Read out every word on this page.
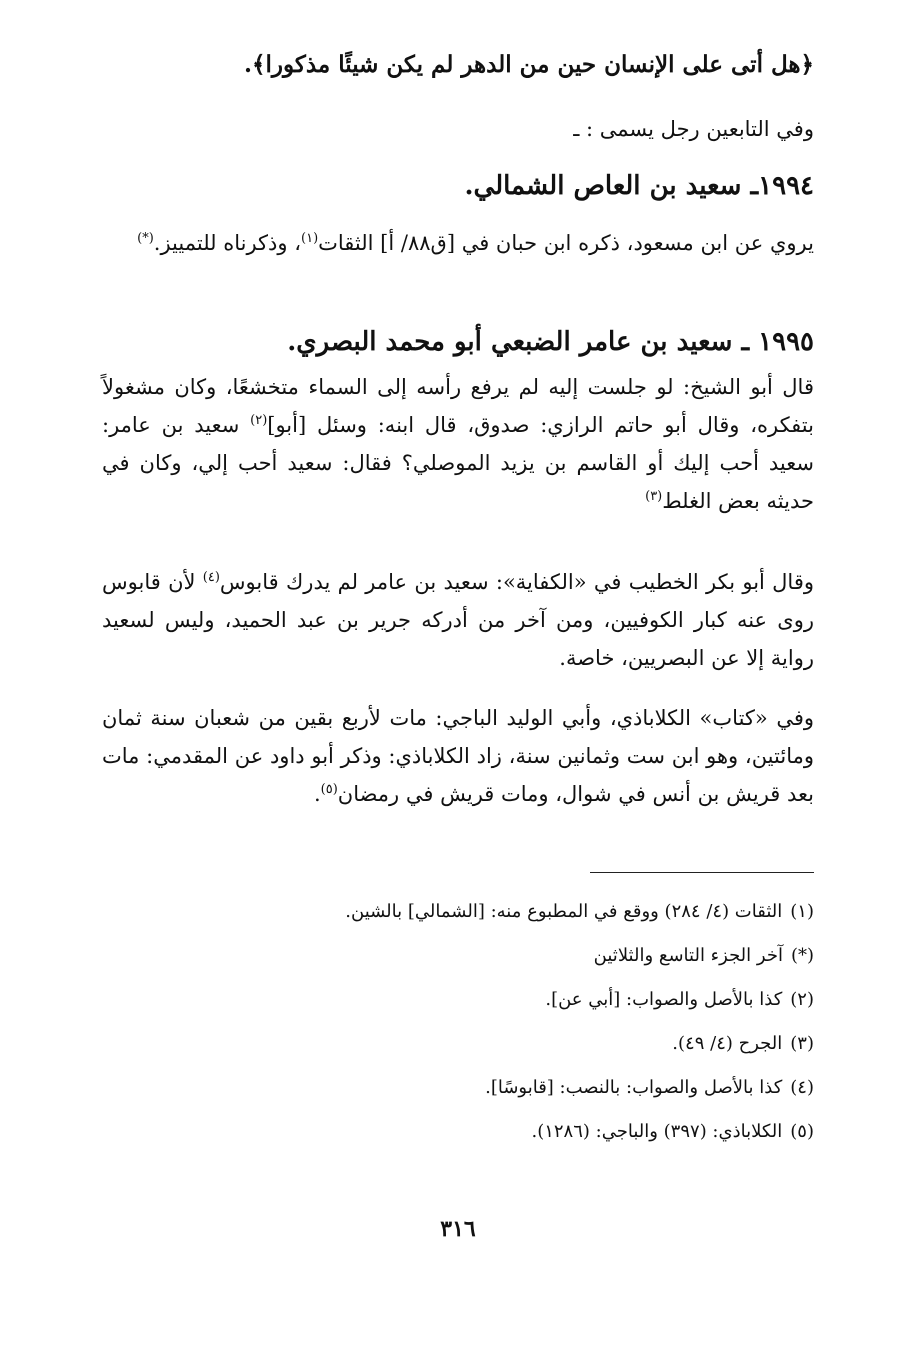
﴿هل أتى على الإنسان حين من الدهر لم يكن شيئًا مذكورا﴾.
وفي التابعين رجل يسمى : ـ
١٩٩٤ـ سعيد بن العاص الشمالي.
يروي عن ابن مسعود، ذكره ابن حبان في [ق٨٨/ أ] الثقات$^{(١)}$، وذكرناه للتمييز.(*)
١٩٩٥ ـ سعيد بن عامر الضبعي أبو محمد البصري.
قال أبو الشيخ: لو جلست إليه لم يرفع رأسه إلى السماء متخشعًا، وكان مشغولاً بتفكره، وقال أبو حاتم الرازي: صدوق، قال ابنه: وسئل [أبو]$^{(٢)}$ سعيد بن عامر: سعيد أحب إليك أو القاسم بن يزيد الموصلي؟ فقال: سعيد أحب إلي، وكان في حديثه بعض الغلط$^{(٣)}$
وقال أبو بكر الخطيب في «الكفاية»: سعيد بن عامر لم يدرك قابوس$^{(٤)}$ لأن قابوس روى عنه كبار الكوفيين، ومن آخر من أدركه جرير بن عبد الحميد، وليس لسعيد رواية إلا عن البصريين، خاصة.
وفي «كتاب» الكلاباذي، وأبي الوليد الباجي: مات لأربع بقين من شعبان سنة ثمان ومائتين، وهو ابن ست وثمانين سنة، زاد الكلاباذي: وذكر أبو داود عن المقدمي: مات بعد قريش بن أنس في شوال، ومات قريش في رمضان$^{(٥)}$.
(١)الثقات (٤/ ٢٨٤) ووقع في المطبوع منه: [الشمالي] بالشين.
(*)آخر الجزء التاسع والثلاثين
(٢)كذا بالأصل والصواب: [أبي عن].
(٣)الجرح (٤/ ٤٩).
(٤)كذا بالأصل والصواب: بالنصب: [قابوسًا].
(٥)الكلاباذي: (٣٩٧) والباجي: (١٢٨٦).
٣١٦
